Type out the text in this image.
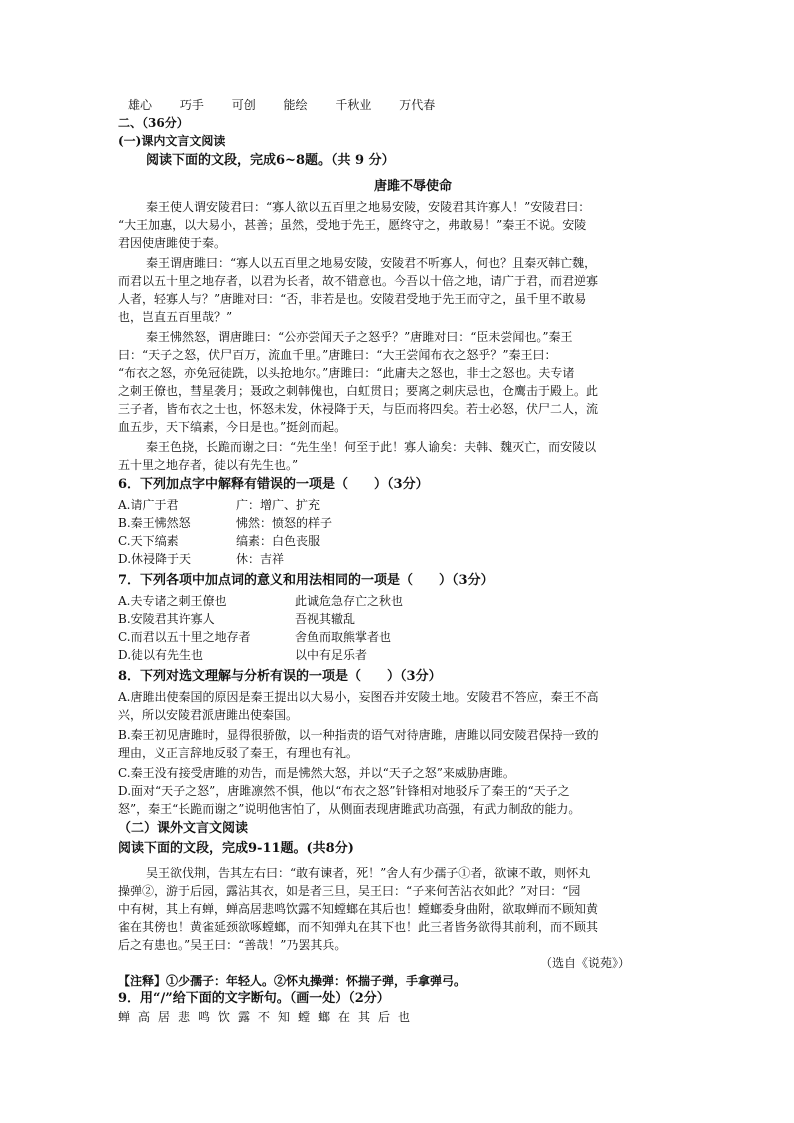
雄心 巧手 可创 能绘 千秋业 万代春
二、（36分）
(一)课内文言文阅读
阅读下面的文段，完成6~8题。（共 9 分）
唐雎不辱使命
秦王使人谓安陵君曰：“寡人欲以五百里之地易安陵，安陵君其许寡人！”安陵君曰：
“大王加惠，以大易小，甚善；虽然，受地于先王，愿终守之，弗敢易！”秦王不说。安陵
君因使唐雎使于秦。
秦王谓唐雎曰：“寡人以五百里之地易安陵，安陵君不听寡人，何也？且秦灭韩亡魏，
而君以五十里之地存者，以君为长者，故不错意也。今吾以十倍之地，请广于君，而君逆寡
人者，轻寡人与？”唐雎对曰：“否，非若是也。安陵君受地于先王而守之，虽千里不敢易
也，岂直五百里哉？”
秦王怫然怒，谓唐雎曰：“公亦尝闻天子之怒乎？”唐雎对曰：“臣未尝闻也。”秦王
曰：“天子之怒，伏尸百万，流血千里。”唐雎曰：“大王尝闻布衣之怒乎？”秦王曰：
“布衣之怒，亦免冠徒跣，以头抢地尔。”唐雎曰：“此庸夫之怒也，非士之怒也。夫专诸
之刺王僚也，彗星袭月；聂政之刺韩傀也，白虹贯日；要离之刺庆忌也，仓鹰击于殿上。此
三子者，皆布衣之士也，怀怒未发，休祲降于天，与臣而将四矣。若士必怒，伏尸二人，流
血五步，天下缟素，今日是也。”挺剑而起。
秦王色挠，长跪而谢之曰：“先生坐！何至于此！寡人谕矣：夫韩、魏灭亡，而安陵以
五十里之地存者，徒以有先生也。”
6．下列加点字中解释有错误的一项是（　　）（3分）
A.请广于君	广：增广、扩充
B.秦王怫然怒	怫然：愤怒的样子
C.天下缟素	缟素：白色丧服
D.休祲降于天	休：吉祥
7．下列各项中加点词的意义和用法相同的一项是（　　）（3分）
A.夫专诸之刺王僚也	此诚危急存亡之秋也
B.安陵君其许寡人	吾视其辙乱
C.而君以五十里之地存者	舍鱼而取熊掌者也
D.徒以有先生也	以中有足乐者
8．下列对选文理解与分析有误的一项是（　　）（3分）
A.唐雎出使秦国的原因是秦王提出以大易小，妄图吞并安陵土地。安陵君不答应，秦王不高
兴，所以安陵君派唐雎出使秦国。
B.秦王初见唐雎时，显得很骄傲，以一种指责的语气对待唐雎，唐雎以同安陵君保持一致的
理由，义正言辞地反驳了秦王，有理也有礼。
C.秦王没有接受唐雎的劝告，而是怫然大怒，并以“天子之怒”来威胁唐雎。
D.面对“天子之怒”，唐雎凛然不惧，他以“布衣之怒”针锋相对地驳斥了秦王的“天子之
怒”，秦王“长跪而谢之”说明他害怕了，从侧面表现唐雎武功高强，有武力制敌的能力。
（二）课外文言文阅读
阅读下面的文段，完成9-11题。(共8分)
吴王欲伐荆，告其左右曰：“敢有谏者，死！”舍人有少孺子①者，欲谏不敢，则怀丸
操弹②，游于后园，露沾其衣，如是者三旦，吴王曰：“子来何苦沾衣如此？”对曰：“园
中有树，其上有蝉，蝉高居悲鸣饮露不知螳螂在其后也！螳螂委身曲附，欲取蝉而不顾知黄
雀在其傍也！黄雀延颈欲啄螳螂，而不知弹丸在其下也！此三者皆务欲得其前利，而不顾其
后之有患也。”吴王曰：“善哉！”乃罢其兵。
（选自《说苑》）
【注释】①少孺子：年轻人。②怀丸操弹：怀揣子弹，手拿弹弓。
9．用“/”给下面的文字断句。（画一处）（2分）
蝉高居悲鸣饮露不知螳螂在其后也
